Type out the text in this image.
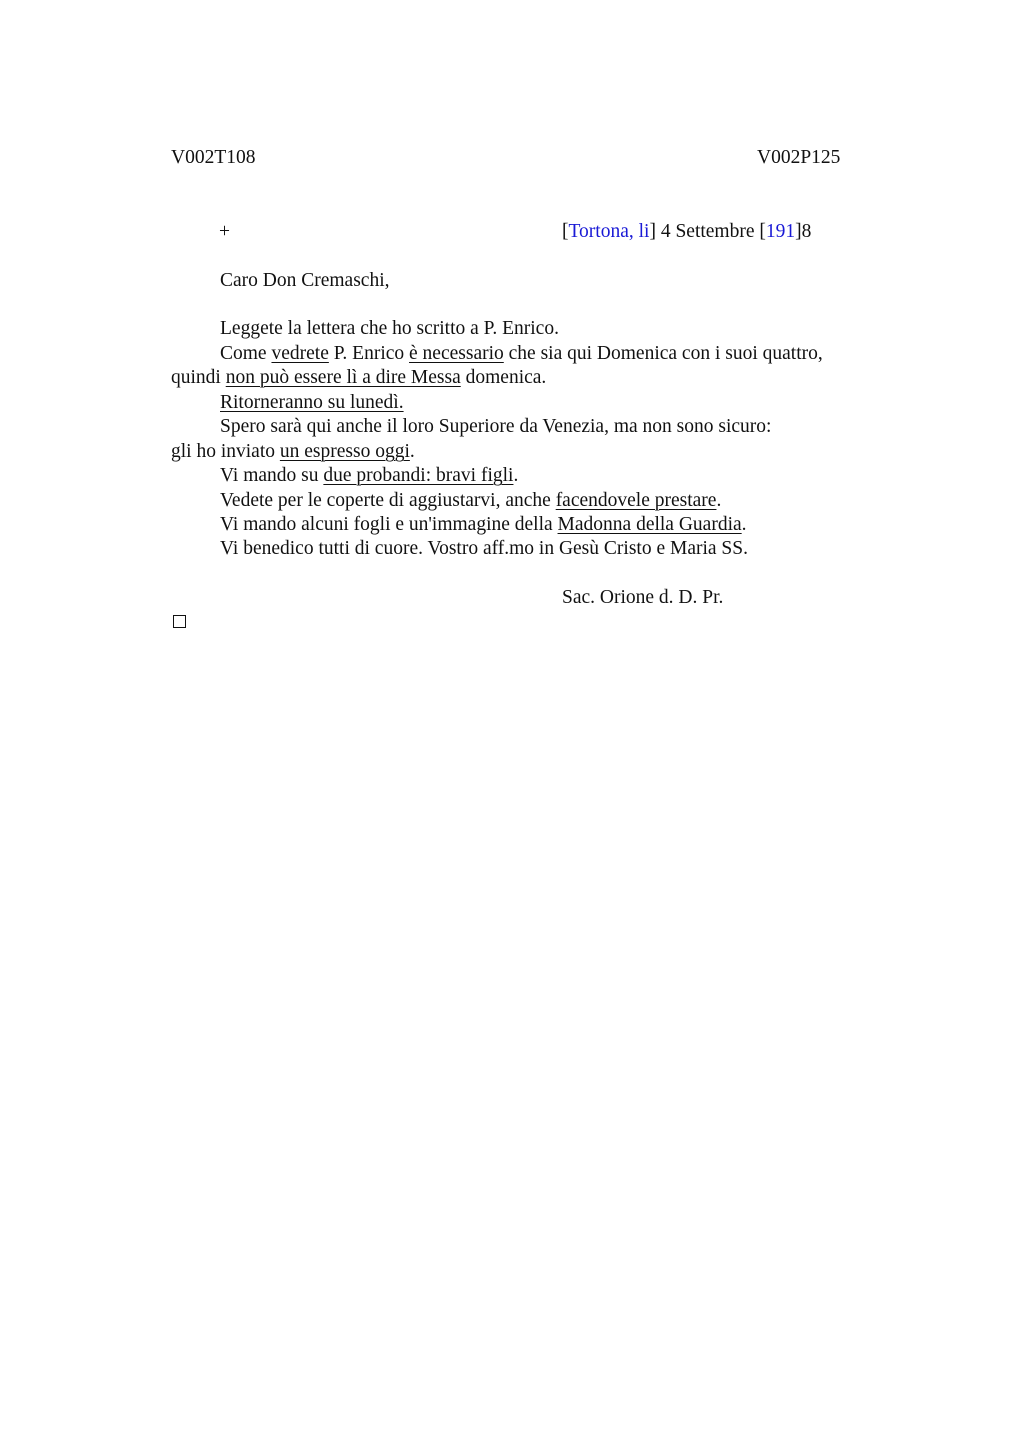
V002T108	V002P125
+	[Tortona, li] 4 Settembre [191]8
Caro Don Cremaschi,
Leggete la lettera che ho scritto a P. Enrico.
Come vedrete P. Enrico è necessario che sia qui Domenica con i suoi quattro,
quindi non può essere lì a dire Messa domenica.
Ritorneranno su lunedì.
Spero sarà qui anche il loro Superiore da Venezia, ma non sono sicuro:
gli ho inviato un espresso oggi.
Vi mando su due probandi: bravi figli.
Vedete per le coperte di aggiustarvi, anche facendovele prestare.
Vi mando alcuni fogli e un'immagine della Madonna della Guardia.
Vi benedico tutti di cuore. Vostro aff.mo in Gesù Cristo e Maria SS.
Sac. Orione d. D. Pr.
